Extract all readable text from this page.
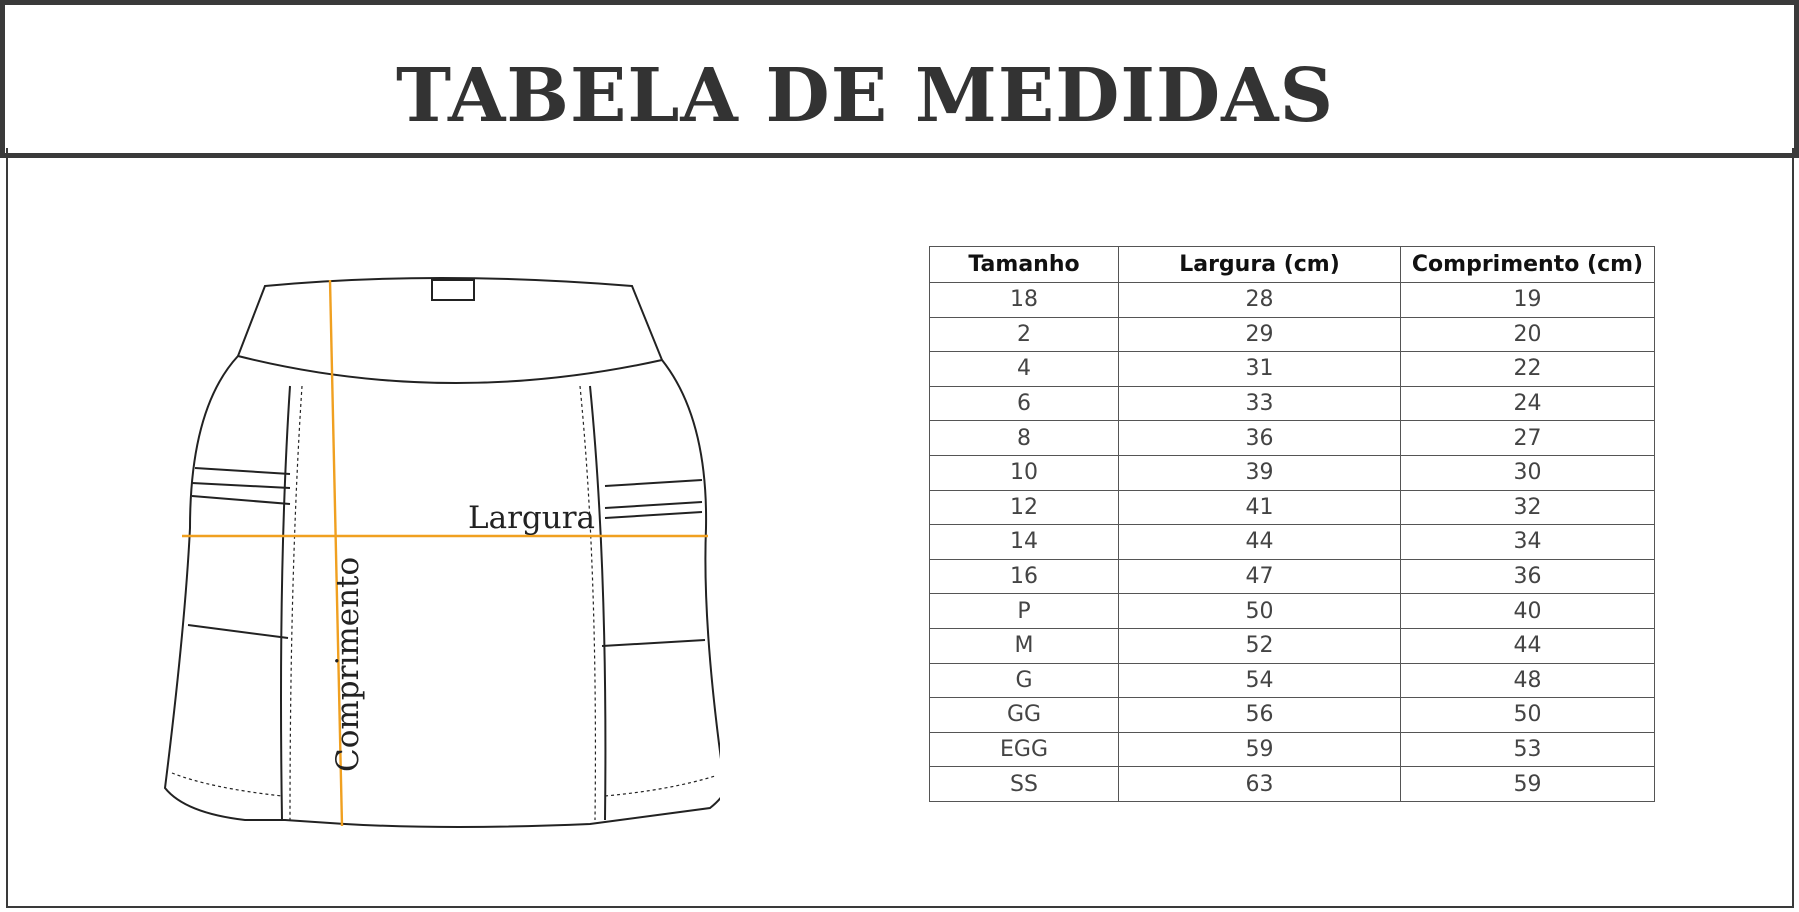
TABELA DE MEDIDAS
Largura
Comprimento
Tamanho	Largura (cm)	Comprimento (cm)
18	28	19
2	29	20
4	31	22
6	33	24
8	36	27
10	39	30
12	41	32
14	44	34
16	47	36
P	50	40
M	52	44
G	54	48
GG	56	50
EGG	59	53
SS	63	59
